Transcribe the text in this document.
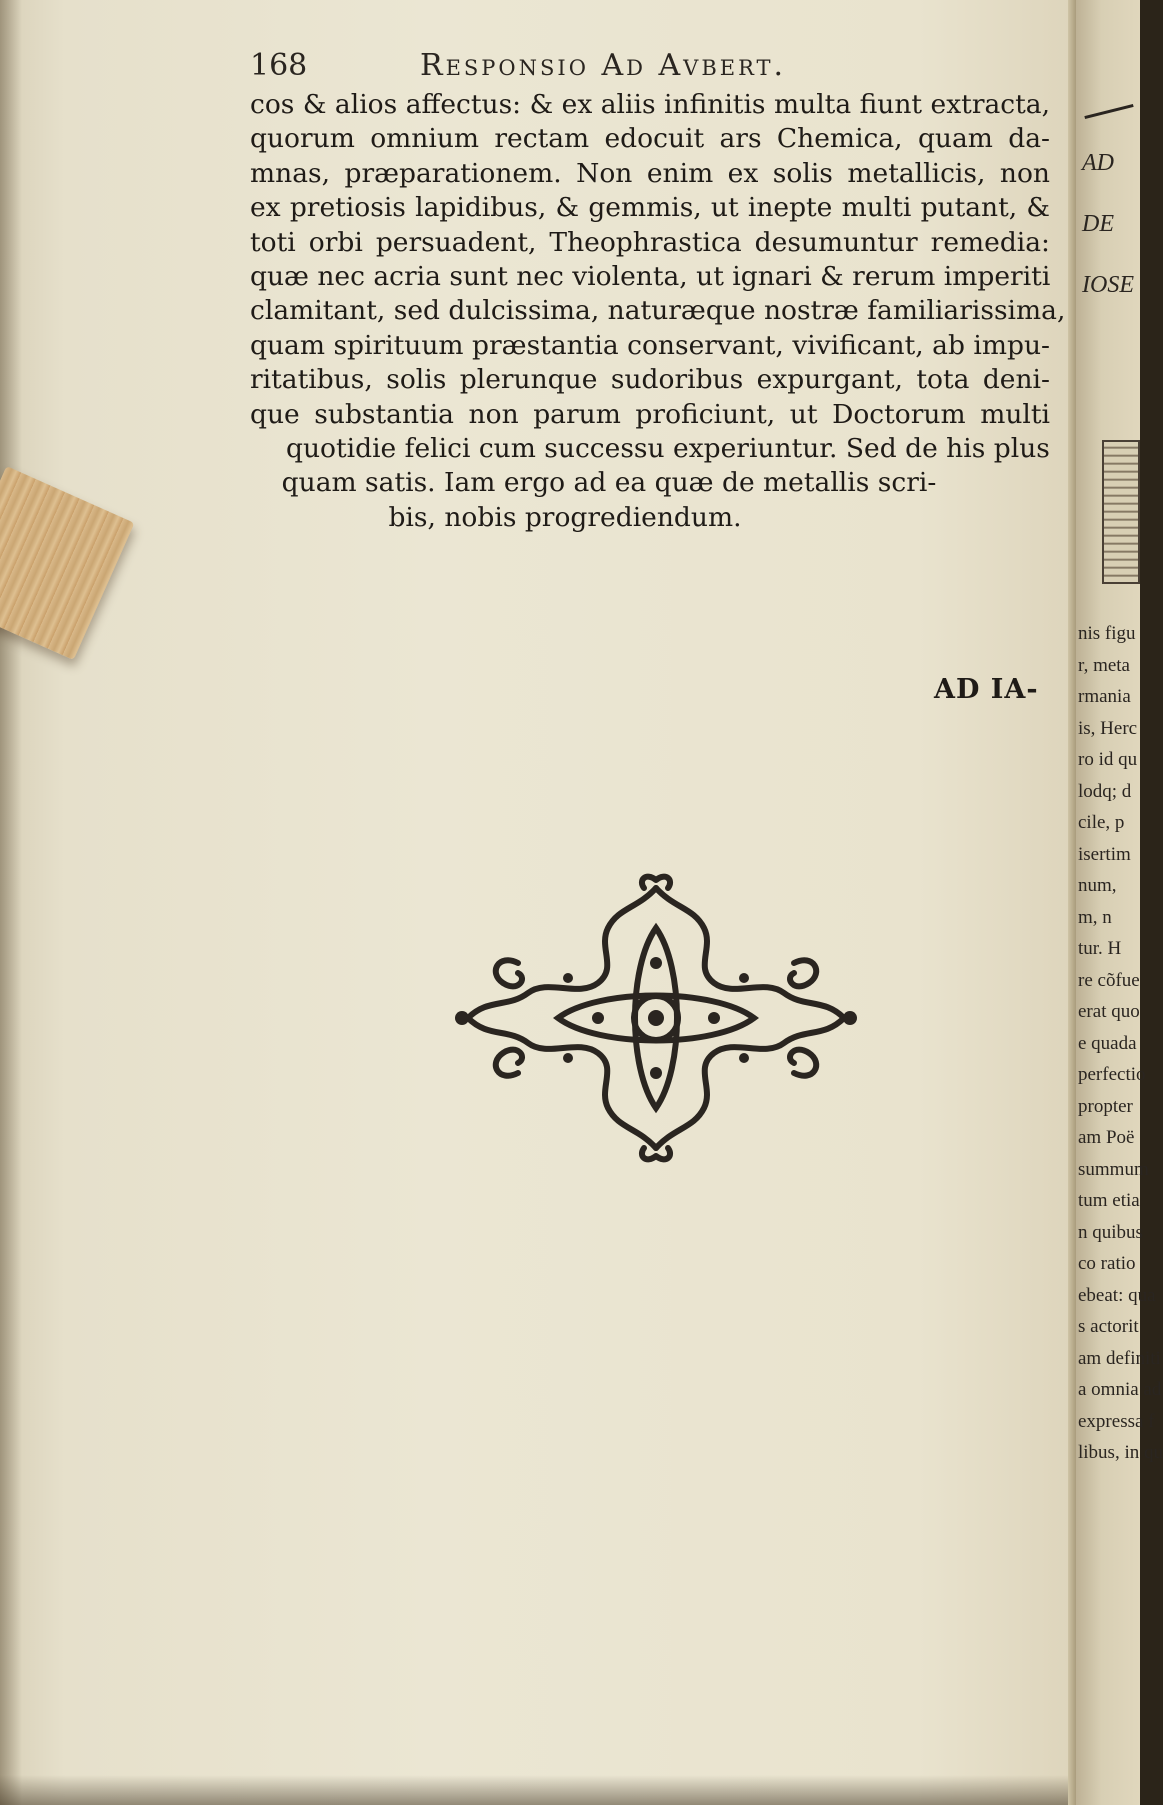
168	Responsio Ad Avbert.
cos & alios affectus: & ex aliis infinitis multa fiunt extracta,
quorum omnium rectam edocuit ars Chemica, quam da-
mnas, præparationem. Non enim ex solis metallicis, non
ex pretiosis lapidibus, & gemmis, ut inepte multi putant, &
toti orbi persuadent, Theophrastica desumuntur remedia:
quæ nec acria sunt nec violenta, ut ignari & rerum imperiti
clamitant, sed dulcissima, naturæque nostræ familiarissima,
quam spirituum præstantia conservant, vivificant, ab impu-
ritatibus, solis plerunque sudoribus expurgant, tota deni-
que substantia non parum proficiunt, ut Doctorum multi
quotidie felici cum successu experiuntur. Sed de his plus
quam satis. Iam ergo ad ea quæ de metallis scri-
bis, nobis progrediendum.
AD IA-
AD
DE
IOSE
nis figu
r, meta
rmania
is, Herc
ro id qu
lodq; d
cile, p
isertim
num,
m, n
tur. H
re cõfue
erat quo
e quada
perfectio
propter
am Poë
summum
tum etia
n quibus
co ratio
ebeat: qua
s actorit
am definiti
a omnia ad
expressa f
libus, in qu
